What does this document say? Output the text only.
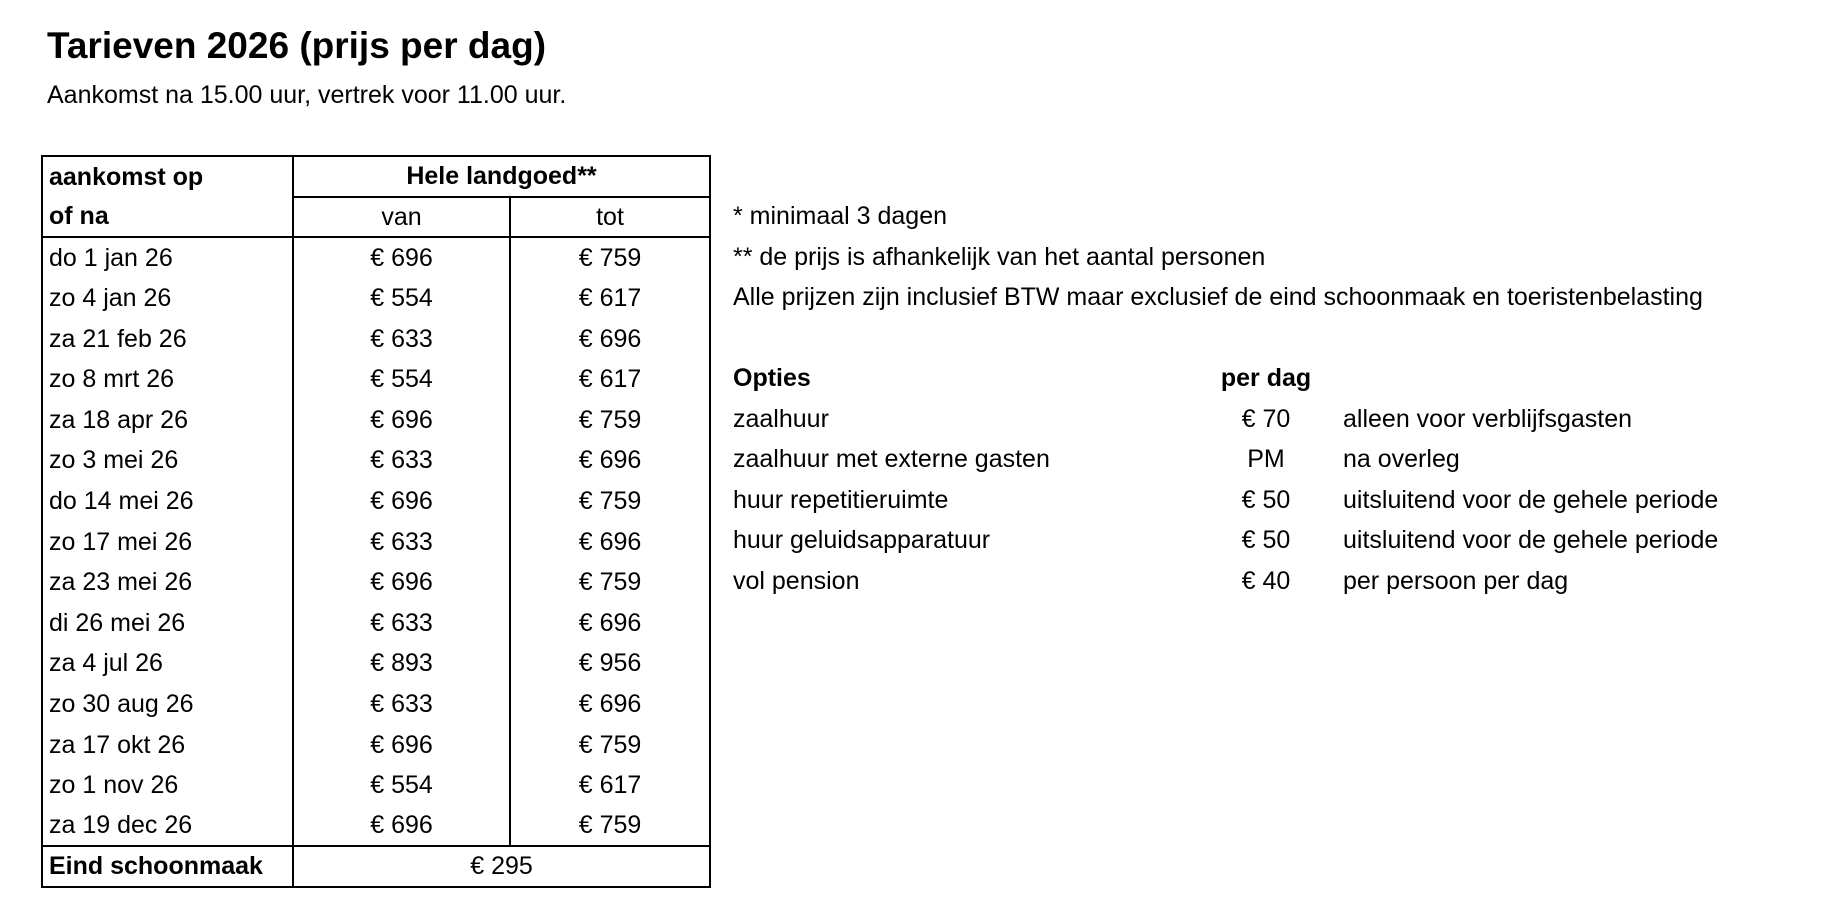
Tarieven 2026 (prijs per dag)
Aankomst na 15.00 uur, vertrek voor 11.00 uur.
aankomst op	Hele landgoed**	
of na	van	tot
do 1 jan 26	€ 696	€ 759
zo 4 jan 26	€ 554	€ 617
za 21 feb 26	€ 633	€ 696
zo 8 mrt 26	€ 554	€ 617
za 18 apr 26	€ 696	€ 759
zo 3 mei 26	€ 633	€ 696
do 14 mei 26	€ 696	€ 759
zo 17 mei 26	€ 633	€ 696
za 23 mei 26	€ 696	€ 759
di 26 mei 26	€ 633	€ 696
za 4 jul 26	€ 893	€ 956
zo 30 aug 26	€ 633	€ 696
za 17 okt 26	€ 696	€ 759
zo 1 nov 26	€ 554	€ 617
za 19 dec 26	€ 696	€ 759
Eind schoonmaak	€ 295	
* minimaal 3 dagen
** de prijs is afhankelijk van het aantal personen
Alle prijzen zijn inclusief BTW maar exclusief de eind schoonmaak en toeristenbelasting
Opties	per dag
zaalhuur	€ 70	alleen voor verblijfsgasten
zaalhuur met externe gasten	PM	na overleg
huur repetitieruimte	€ 50	uitsluitend voor de gehele periode
huur geluidsapparatuur	€ 50	uitsluitend voor de gehele periode
vol pension	€ 40	per persoon per dag
